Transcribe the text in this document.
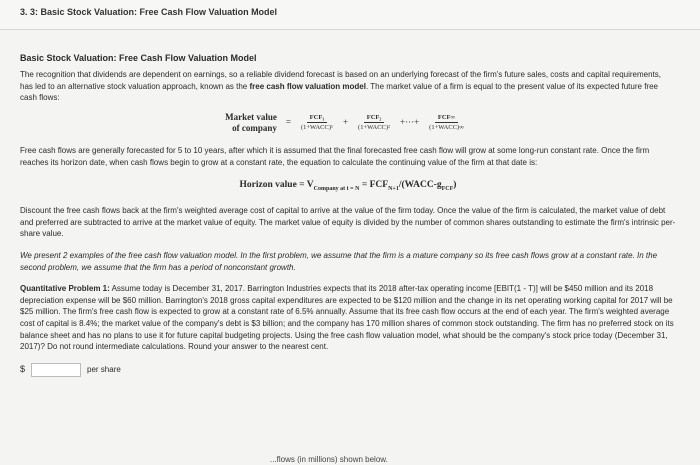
3. 3: Basic Stock Valuation: Free Cash Flow Valuation Model
Basic Stock Valuation: Free Cash Flow Valuation Model

The recognition that dividends are dependent on earnings, so a reliable dividend forecast is based on an underlying forecast of the firm's future sales, costs and capital requirements, has led to an alternative stock valuation approach, known as the free cash flow valuation model. The market value of a firm is equal to the present value of its expected future free cash flows:

Market value
of company
= $\frac{\text{FCF₁}}{\text{(1+WACC)¹}} + \frac{\text{FCF₂}}{\text{(1+WACC)²}}$ +···+ $\frac{\text{FCF∞}}{\text{(1+WACC)∞}}$

Free cash flows are generally forecasted for 5 to 10 years, after which it is assumed that the final forecasted free cash flow will grow at some long-run constant rate. Once the firm reaches its horizon date, when cash flows begin to grow at a constant rate, the equation to calculate the continuing value of the firm at that date is:

Horizon value = $V_{Company at t = N}$ = $FCF_{N+1}/(WACC-g_{FCF})$

Discount the free cash flows back at the firm's weighted average cost of capital to arrive at the value of the firm today. Once the value of the firm is calculated, the market value of debt and preferred are subtracted to arrive at the market value of equity. The market value of equity is divided by the number of common shares outstanding to estimate the firm's intrinsic per-share value.

We present 2 examples of the free cash flow valuation model. In the first problem, we assume that the firm is a mature company so its free cash flows grow at a constant rate. In the second problem, we assume that the firm has a period of nonconstant growth.

Quantitative Problem 1: Assume today is December 31, 2017. Barrington Industries expects that its 2018 after-tax operating income [EBIT(1 - T)] will be $450 million and its 2018 depreciation expense will be $60 million. Barrington's 2018 gross capital expenditures are expected to be $120 million and the change in its net operating working capital for 2017 will be $25 million. The firm's free cash flow is expected to grow at a constant rate of 6.5% annually. Assume that its free cash flow occurs at the end of each year. The firm's weighted average cost of capital is 8.4%; the market value of the company's debt is $3 billion; and the company has 170 million shares of common stock outstanding. The firm has no preferred stock on its balance sheet and has no plans to use it for future capital budgeting projects. Using the free cash flow valuation model, what should be the company's stock price today (December 31, 2017)? Do not round intermediate calculations. Round your answer to the nearest cent.

$	per share
...flows (in millions) shown below.
